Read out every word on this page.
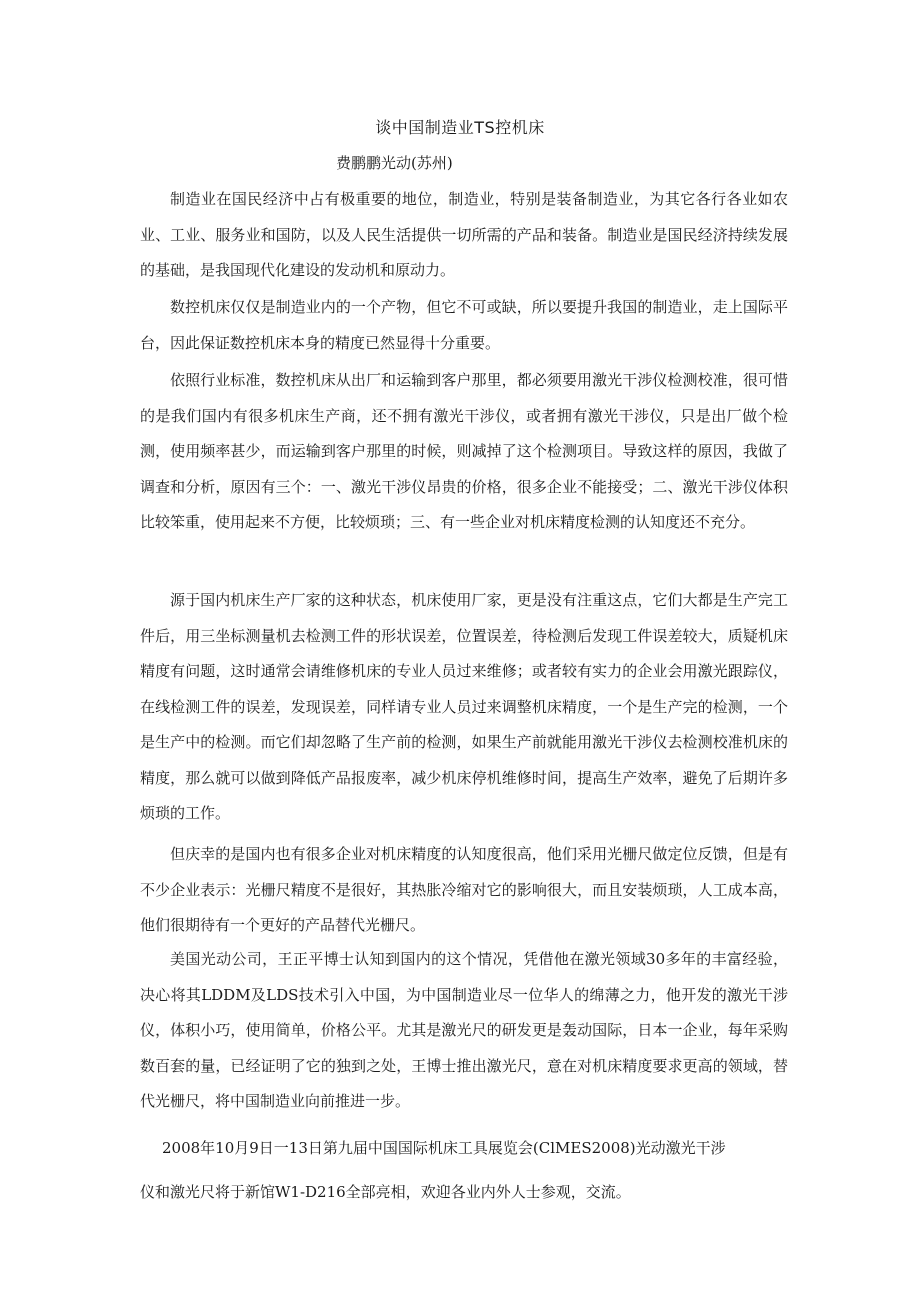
谈中国制造业TS控机床
费鹏鹏光动(苏州)

制造业在国民经济中占有极重要的地位，制造业，特别是装备制造业，为其它各行各业如农业、工业、服务业和国防，以及人民生活提供一切所需的产品和装备。制造业是国民经济持续发展的基础，是我国现代化建设的发动机和原动力。

数控机床仅仅是制造业内的一个产物，但它不可或缺，所以要提升我国的制造业，走上国际平台，因此保证数控机床本身的精度已然显得十分重要。

依照行业标准，数控机床从出厂和运输到客户那里，都必须要用激光干涉仪检测校准，很可惜的是我们国内有很多机床生产商，还不拥有激光干涉仪，或者拥有激光干涉仪，只是出厂做个检测，使用频率甚少，而运输到客户那里的时候，则减掉了这个检测项目。导致这样的原因，我做了调查和分析，原因有三个：一、激光干涉仪昂贵的价格，很多企业不能接受；二、激光干涉仪体积比较笨重，使用起来不方便，比较烦琐；三、有一些企业对机床精度检测的认知度还不充分。

源于国内机床生产厂家的这种状态，机床使用厂家，更是没有注重这点，它们大都是生产完工件后，用三坐标测量机去检测工件的形状误差，位置误差，待检测后发现工件误差较大，质疑机床精度有问题，这时通常会请维修机床的专业人员过来维修；或者较有实力的企业会用激光跟踪仪，在线检测工件的误差，发现误差，同样请专业人员过来调整机床精度，一个是生产完的检测，一个是生产中的检测。而它们却忽略了生产前的检测，如果生产前就能用激光干涉仪去检测校准机床的精度，那么就可以做到降低产品报废率，减少机床停机维修时间，提高生产效率，避免了后期许多烦琐的工作。

但庆幸的是国内也有很多企业对机床精度的认知度很高，他们采用光栅尺做定位反馈，但是有不少企业表示：光栅尺精度不是很好，其热胀冷缩对它的影响很大，而且安装烦琐，人工成本高，他们很期待有一个更好的产品替代光栅尺。

美国光动公司，王正平博士认知到国内的这个情况，凭借他在激光领域30多年的丰富经验，决心将其LDDM及LDS技术引入中国，为中国制造业尽一位华人的绵薄之力，他开发的激光干涉仪，体积小巧，使用简单，价格公平。尤其是激光尺的研发更是轰动国际，日本一企业，每年采购数百套的量，已经证明了它的独到之处，王博士推出激光尺，意在对机床精度要求更高的领域，替代光栅尺，将中国制造业向前推进一步。

2008年10月9日一13日第九届中国国际机床工具展览会(ClMES2008)光动激光干涉
仪和激光尺将于新馆W1-D216全部亮相，欢迎各业内外人士参观，交流。
